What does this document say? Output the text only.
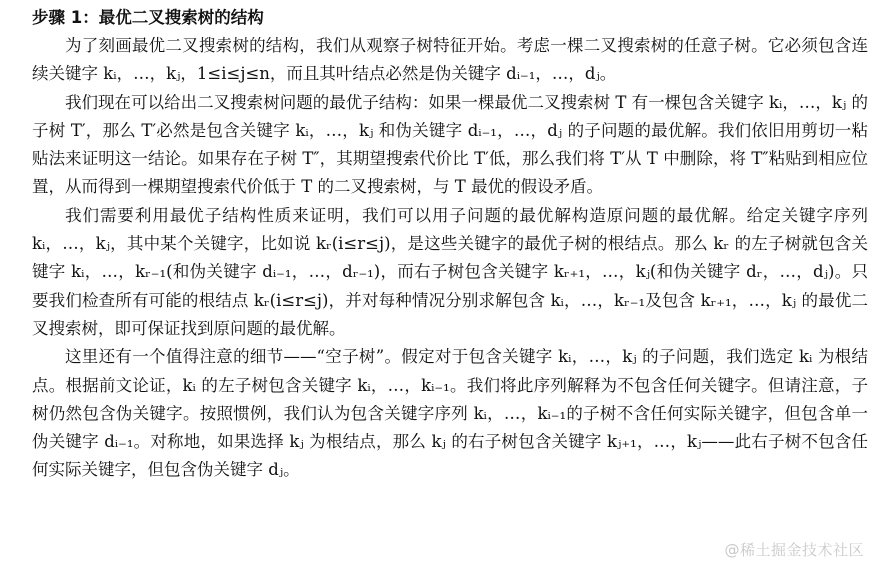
步骤 1：最优二叉搜索树的结构

为了刻画最优二叉搜索树的结构，我们从观察子树特征开始。考虑一棵二叉搜索树的任意子树。它必须包含连续关键字 kᵢ，…，kⱼ，1≤i≤j≤n，而且其叶结点必然是伪关键字 dᵢ₋₁，…，dⱼ。

我们现在可以给出二叉搜索树问题的最优子结构：如果一棵最优二叉搜索树 T 有一棵包含关键字 kᵢ，…，kⱼ 的子树 T′，那么 T′必然是包含关键字 kᵢ，…，kⱼ 和伪关键字 dᵢ₋₁，…，dⱼ 的子问题的最优解。我们依旧用剪切一粘贴法来证明这一结论。如果存在子树 T″，其期望搜索代价比 T′低，那么我们将 T′从 T 中删除，将 T″粘贴到相应位置，从而得到一棵期望搜索代价低于 T 的二叉搜索树，与 T 最优的假设矛盾。

我们需要利用最优子结构性质来证明，我们可以用子问题的最优解构造原问题的最优解。给定关键字序列 kᵢ，…，kⱼ，其中某个关键字，比如说 kᵣ(i≤r≤j)，是这些关键字的最优子树的根结点。那么 kᵣ 的左子树就包含关键字 kᵢ，…，kᵣ₋₁(和伪关键字 dᵢ₋₁，…，dᵣ₋₁)，而右子树包含关键字 kᵣ₊₁，…，kⱼ(和伪关键字 dᵣ，…，dⱼ)。只要我们检查所有可能的根结点 kᵣ(i≤r≤j)，并对每种情况分别求解包含 kᵢ，…，kᵣ₋₁及包含 kᵣ₊₁，…，kⱼ 的最优二叉搜索树，即可保证找到原问题的最优解。

这里还有一个值得注意的细节——“空子树”。假定对于包含关键字 kᵢ，…，kⱼ 的子问题，我们选定 kᵢ 为根结点。根据前文论证，kᵢ 的左子树包含关键字 kᵢ，…，kᵢ₋₁。我们将此序列解释为不包含任何关键字。但请注意，子树仍然包含伪关键字。按照惯例，我们认为包含关键字序列 kᵢ，…，kᵢ₋₁的子树不含任何实际关键字，但包含单一伪关键字 dᵢ₋₁。对称地，如果选择 kⱼ 为根结点，那么 kⱼ 的右子树包含关键字 kⱼ₊₁，…，kⱼ——此右子树不包含任何实际关键字，但包含伪关键字 dⱼ。

@稀土掘金技术社区
